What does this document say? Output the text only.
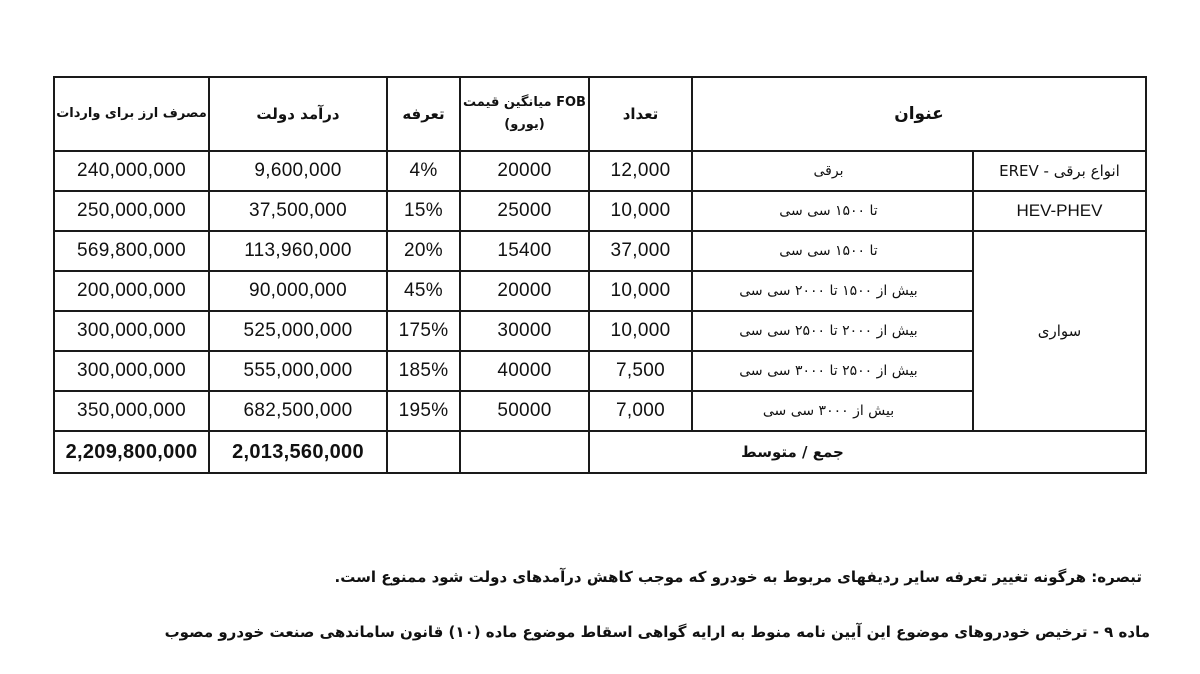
مصرف ارز برای واردات	درآمد دولت	تعرفه	میانگین قیمت FOB (یورو)	تعداد	عنوان	
240,000,000	9,600,000	4%	20000	12,000	برقی	انواع برقی - EREV
250,000,000	37,500,000	15%	25000	10,000	تا ۱۵۰۰ سی سی	HEV-PHEV
569,800,000	113,960,000	20%	15400	37,000	تا ۱۵۰۰ سی سی	سواری
200,000,000	90,000,000	45%	20000	10,000	بیش از ۱۵۰۰ تا ۲۰۰۰ سی سی	
300,000,000	525,000,000	175%	30000	10,000	بیش از ۲۰۰۰ تا ۲۵۰۰ سی سی	
300,000,000	555,000,000	185%	40000	7,500	بیش از ۲۵۰۰ تا ۳۰۰۰ سی سی	
350,000,000	682,500,000	195%	50000	7,000	بیش از ۳۰۰۰ سی سی	
2,209,800,000	2,013,560,000			جمع / متوسط		
تبصره: هرگونه تغییر تعرفه سایر ردیفهای مربوط به خودرو که موجب کاهش درآمدهای دولت شود ممنوع است.
ماده ۹ - ترخیص خودروهای موضوع این آیین نامه منوط به ارایه گواهی اسقاط موضوع ماده (۱۰) قانون ساماندهی صنعت خودرو مصوب
